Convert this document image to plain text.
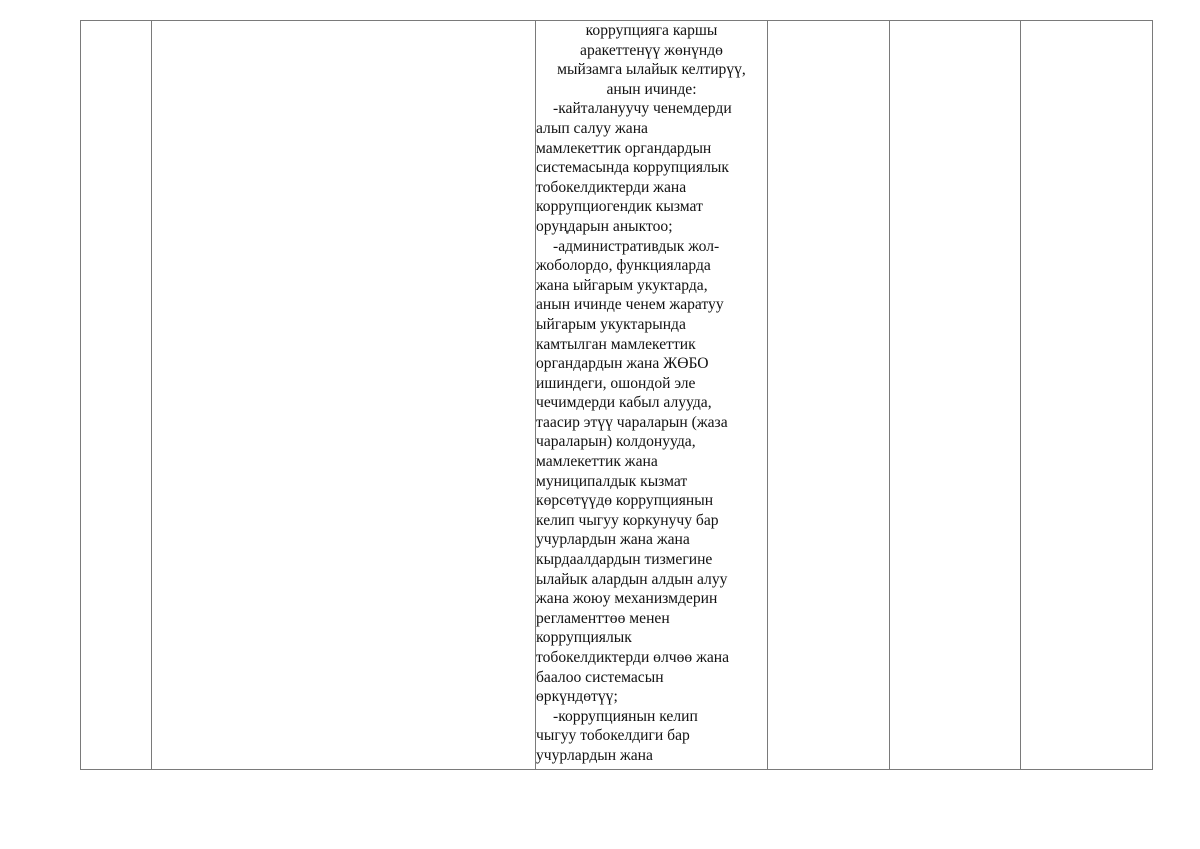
коррупцияга каршы
аракеттенүү жөнүндө
мыйзамга ылайык келтирүү,
анын ичинде:
-кайталануучу ченемдерди
алып салуу жана
мамлекеттик органдардын
системасында коррупциялык
тобокелдиктерди жана
коррупциогендик кызмат
оруңдарын аныктоо;
-административдык жол-
жоболордо, функцияларда
жана ыйгарым укуктарда,
анын ичинде ченем жаратуу
ыйгарым укуктарында
камтылган мамлекеттик
органдардын жана ЖӨБО
ишиндеги, ошондой эле
чечимдерди кабыл алууда,
таасир этүү чараларын (жаза
чараларын) колдонууда,
мамлекеттик жана
муниципалдык кызмат
көрсөтүүдө коррупциянын
келип чыгуу коркунучу бар
учурлардын жана жана
кырдаалдардын тизмегине
ылайык алардын алдын алуу
жана жоюу механизмдерин
регламенттөө менен
коррупциялык
тобокелдиктерди өлчөө жана
баалоо системасын
өркүндөтүү;
-коррупциянын келип
чыгуу тобокелдиги бар
учурлардын жана
